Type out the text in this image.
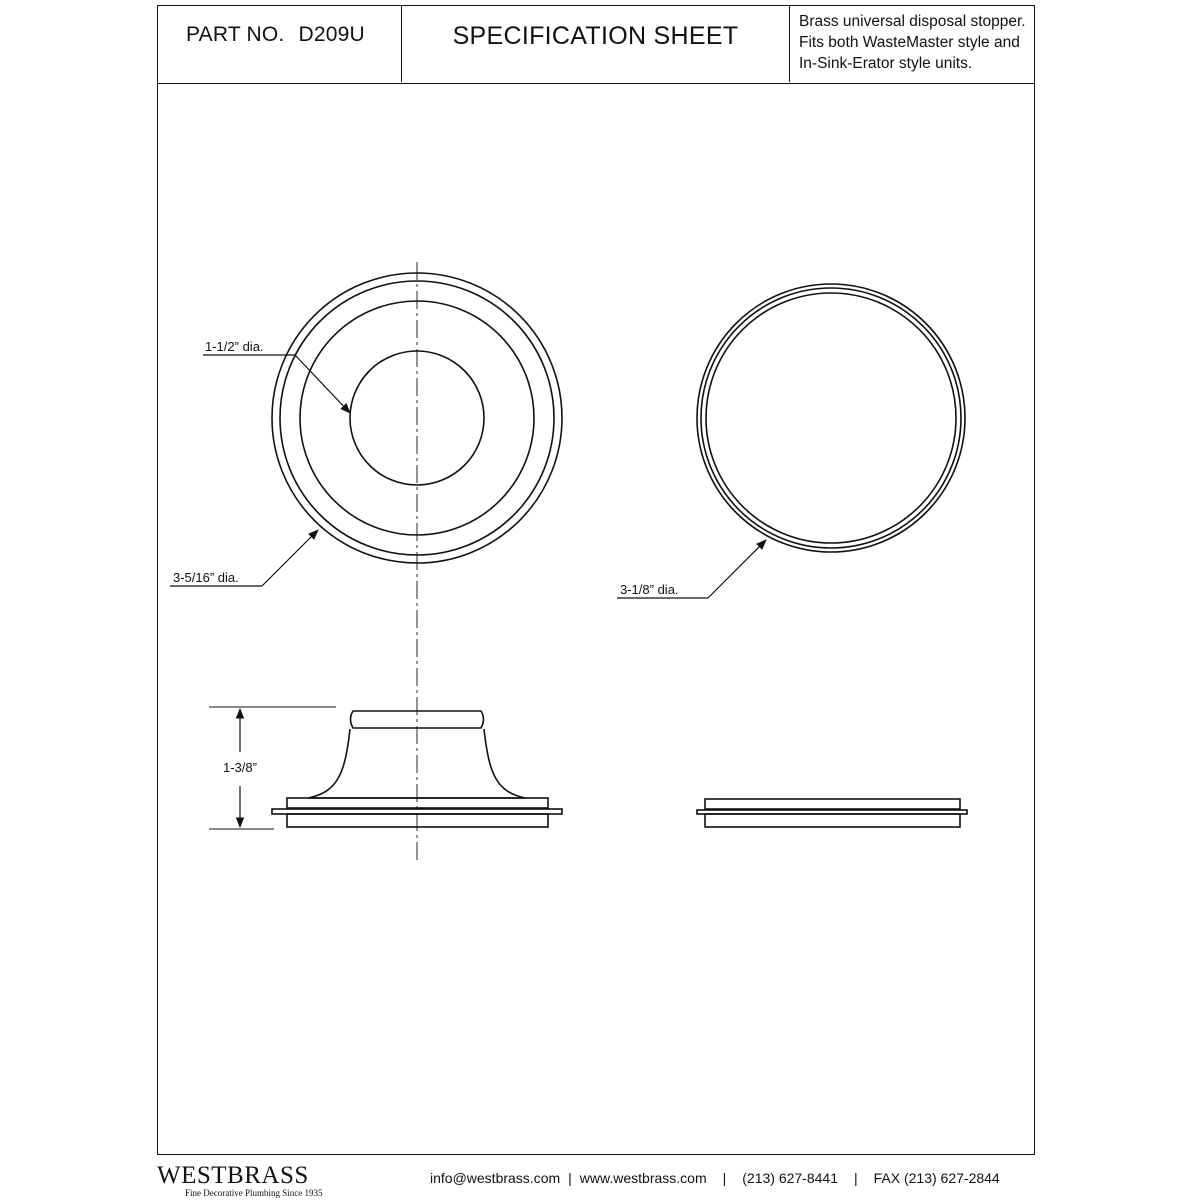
PART NO. D209U	SPECIFICATION SHEET
Brass universal disposal stopper.
Fits both WasteMaster style and
In-Sink-Erator style units.
1-1/2” dia.
3-5/16” dia.
3-1/8” dia.
1-3/8”
WESTBRASS
Fine Decorative Plumbing Since 1935
info@westbrass.com | www.westbrass.com | (213) 627-8441 | FAX (213) 627-2844
